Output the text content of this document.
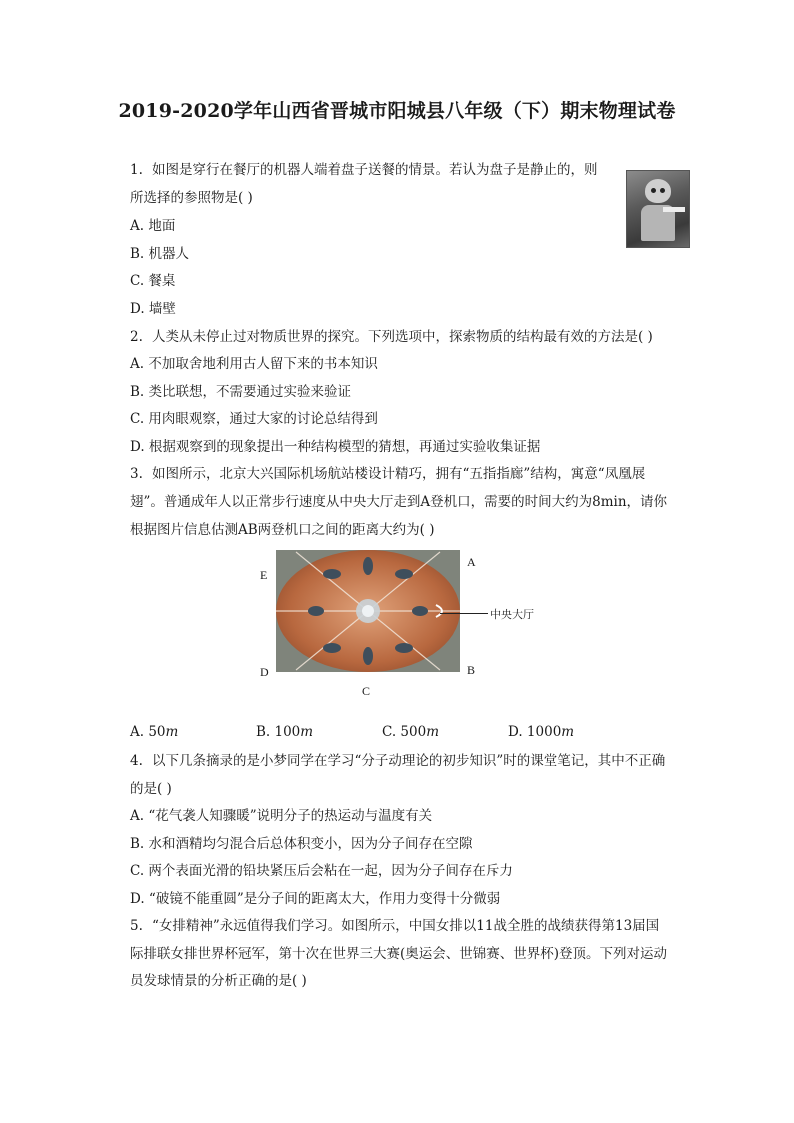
2019-2020学年山西省晋城市阳城县八年级（下）期末物理试卷
1. 如图是穿行在餐厅的机器人端着盘子送餐的情景。若认为盘子是静止的，则
所选择的参照物是( )
A. 地面
B. 机器人
C. 餐桌
D. 墙壁
2. 人类从未停止过对物质世界的探究。下列选项中，探索物质的结构最有效的方法是( )
A. 不加取舍地利用古人留下来的书本知识
B. 类比联想，不需要通过实验来验证
C. 用肉眼观察，通过大家的讨论总结得到
D. 根据观察到的现象提出一种结构模型的猜想，再通过实验收集证据
3. 如图所示，北京大兴国际机场航站楼设计精巧，拥有“五指指廊”结构，寓意“凤凰展
翅”。普通成年人以正常步行速度从中央大厅走到A登机口，需要的时间大约为8min，请你
根据图片信息估测AB两登机口之间的距离大约为( )
E
A
B
D
C
中央大厅
A. 50m	B. 100m	C. 500m	D. 1000m
4. 以下几条摘录的是小梦同学在学习“分子动理论的初步知识”时的课堂笔记，其中不正确
的是( )
A. “花气袭人知骤暖”说明分子的热运动与温度有关
B. 水和酒精均匀混合后总体积变小，因为分子间存在空隙
C. 两个表面光滑的铅块紧压后会粘在一起，因为分子间存在斥力
D. “破镜不能重圆”是分子间的距离太大，作用力变得十分微弱
5. “女排精神”永远值得我们学习。如图所示，中国女排以11战全胜的战绩获得第13届国
际排联女排世界杯冠军，第十次在世界三大赛(奥运会、世锦赛、世界杯)登顶。下列对运动
员发球情景的分析正确的是( )
